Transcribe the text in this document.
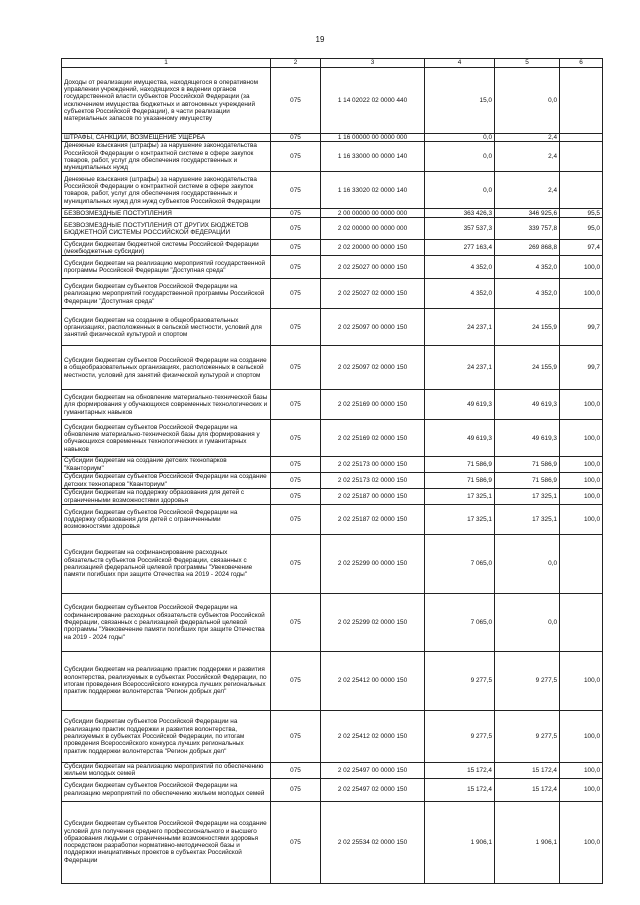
19
1	2	3	4	5	6
Доходы от реализации имущества, находящегося в оперативном управлении учреждений, находящихся в ведении органов государственной власти субъектов Российской Федерации (за исключением имущества бюджетных и автономных учреждений субъектов Российской Федерации), в части реализации материальных запасов по указанному имуществу	075	1 14 02022 02 0000 440	15,0	0,0	
ШТРАФЫ, САНКЦИИ, ВОЗМЕЩЕНИЕ УЩЕРБА	075	1 16 00000 00 0000 000	0,0	2,4	
Денежные взыскания (штрафы) за нарушение законодательства Российской Федерации о контрактной системе в сфере закупок товаров, работ, услуг для обеспечения государственных и муниципальных нужд	075	1 16 33000 00 0000 140	0,0	2,4	
Денежные взыскания (штрафы) за нарушение законодательства Российской Федерации о контрактной системе в сфере закупок товаров, работ, услуг для обеспечения государственных и муниципальных нужд для нужд субъектов Российской Федерации	075	1 16 33020 02 0000 140	0,0	2,4	
БЕЗВОЗМЕЗДНЫЕ ПОСТУПЛЕНИЯ	075	2 00 00000 00 0000 000	363 426,3	346 925,6	95,5
БЕЗВОЗМЕЗДНЫЕ ПОСТУПЛЕНИЯ ОТ ДРУГИХ БЮДЖЕТОВ БЮДЖЕТНОЙ СИСТЕМЫ РОССИЙСКОЙ ФЕДЕРАЦИИ	075	2 02 00000 00 0000 000	357 537,3	339 757,8	95,0
Субсидии бюджетам бюджетной системы Российской Федерации (межбюджетные субсидии)	075	2 02 20000 00 0000 150	277 163,4	269 868,8	97,4
Субсидии бюджетам на реализацию мероприятий государственной программы Российской Федерации "Доступная среда"	075	2 02 25027 00 0000 150	4 352,0	4 352,0	100,0
Субсидии бюджетам субъектов Российской Федерации на реализацию мероприятий государственной программы Российской Федерации "Доступная среда"	075	2 02 25027 02 0000 150	4 352,0	4 352,0	100,0
Субсидии бюджетам на создание в общеобразовательных организациях, расположенных в сельской местности, условий для занятий физической культурой и спортом	075	2 02 25097 00 0000 150	24 237,1	24 155,9	99,7
Субсидии бюджетам субъектов Российской Федерации на создание в общеобразовательных организациях, расположенных в сельской местности, условий для занятий физической культурой и спортом	075	2 02 25097 02 0000 150	24 237,1	24 155,9	99,7
Субсидии бюджетам на обновление материально-технической базы для формирования у обучающихся современных технологических и гуманитарных навыков	075	2 02 25169 00 0000 150	49 619,3	49 619,3	100,0
Субсидии бюджетам субъектов Российской Федерации на обновление материально-технической базы для формирования у обучающихся современных технологических и гуманитарных навыков	075	2 02 25169 02 0000 150	49 619,3	49 619,3	100,0
Субсидии бюджетам на создание детских технопарков "Кванториум"	075	2 02 25173 00 0000 150	71 586,9	71 586,9	100,0
Субсидии бюджетам субъектов Российской Федерации на создание детских технопарков "Кванториум"	075	2 02 25173 02 0000 150	71 586,9	71 586,9	100,0
Субсидии бюджетам на поддержку образования для детей с ограниченными возможностями здоровья	075	2 02 25187 00 0000 150	17 325,1	17 325,1	100,0
Субсидии бюджетам субъектов Российской Федерации на поддержку образования для детей с ограниченными возможностями здоровья	075	2 02 25187 02 0000 150	17 325,1	17 325,1	100,0
Субсидии бюджетам на софинансирование расходных обязательств субъектов Российской Федерации, связанных с реализацией федеральной целевой программы "Увековечение памяти погибших при защите Отечества на 2019 - 2024 годы"	075	2 02 25299 00 0000 150	7 065,0	0,0	
Субсидии бюджетам субъектов Российской Федерации на софинансирование расходных обязательств субъектов Российской Федерации, связанных с реализацией федеральной целевой программы "Увековечение памяти погибших при защите Отечества на 2019 - 2024 годы"	075	2 02 25299 02 0000 150	7 065,0	0,0	
Субсидии бюджетам на реализацию практик поддержки и развития волонтерства, реализуемых в субъектах Российской Федерации, по итогам проведения Всероссийского конкурса лучших региональных практик поддержки волонтерства "Регион добрых дел"	075	2 02 25412 00 0000 150	9 277,5	9 277,5	100,0
Субсидии бюджетам субъектов Российской Федерации на реализацию практик поддержки и развития волонтерства, реализуемых в субъектах Российской Федерации, по итогам проведения Всероссийского конкурса лучших региональных практик поддержки волонтерства "Регион добрых дел"	075	2 02 25412 02 0000 150	9 277,5	9 277,5	100,0
Субсидии бюджетам на реализацию мероприятий по обеспечению жильем молодых семей	075	2 02 25497 00 0000 150	15 172,4	15 172,4	100,0
Субсидии бюджетам субъектов Российской Федерации на реализацию мероприятий по обеспечению жильем молодых семей	075	2 02 25497 02 0000 150	15 172,4	15 172,4	100,0
Субсидии бюджетам субъектов Российской Федерации на создание условий для получения среднего профессионального и высшего образования людьми с ограниченными возможностями здоровья посредством разработки нормативно-методической базы и поддержки инициативных проектов в субъектах Российской Федерации	075	2 02 25534 02 0000 150	1 906,1	1 906,1	100,0
